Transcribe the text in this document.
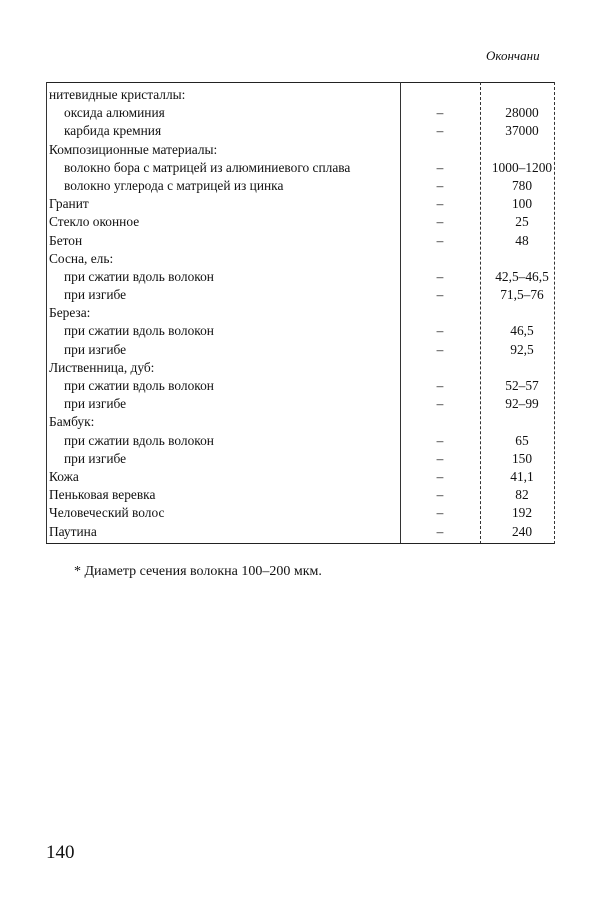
Окончани
нитевидные кристаллы:
оксида алюминия	–	28000
карбида кремния	–	37000
Композиционные материалы:
волокно бора с матрицей из алюминиевого сплава	–	1000–1200
волокно углерода с матрицей из цинка	–	780
Гранит	–	100
Стекло оконное	–	25
Бетон	–	48
Сосна, ель:
при сжатии вдоль волокон	–	42,5–46,5
при изгибе	–	71,5–76
Береза:
при сжатии вдоль волокон	–	46,5
при изгибе	–	92,5
Лиственница, дуб:
при сжатии вдоль волокон	–	52–57
при изгибе	–	92–99
Бамбук:
при сжатии вдоль волокон	–	65
при изгибе	–	150
Кожа	–	41,1
Пеньковая веревка	–	82
Человеческий волос	–	192
Паутина	–	240
* Диаметр сечения волокна 100–200 мкм.
140
